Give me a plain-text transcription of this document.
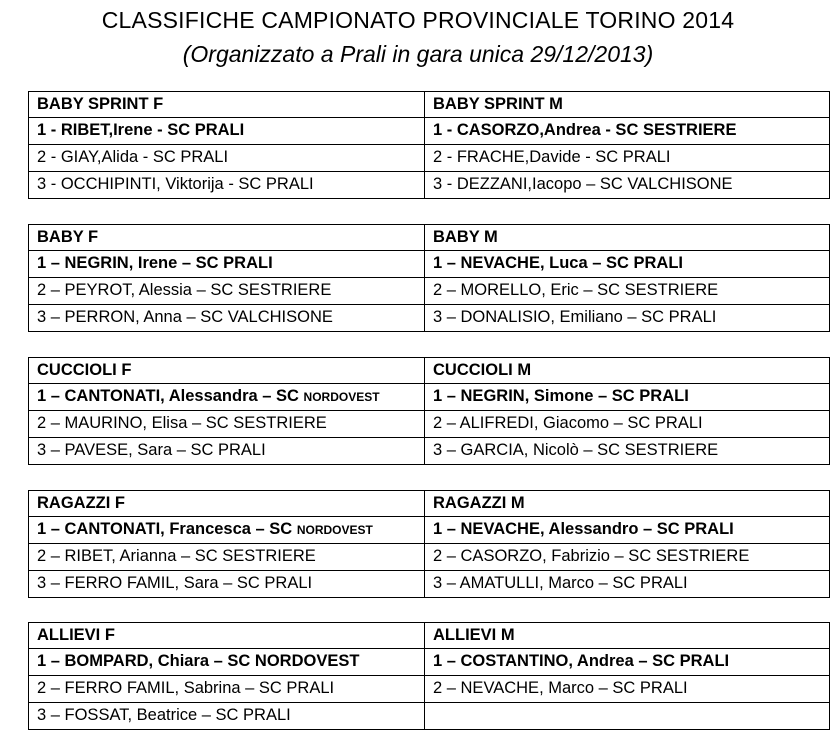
CLASSIFICHE CAMPIONATO PROVINCIALE TORINO 2014
(Organizzato a Prali in gara unica 29/12/2013)
BABY SPRINT F	BABY SPRINT M
1 - RIBET,Irene - SC PRALI	1 - CASORZO,Andrea - SC SESTRIERE
2 - GIAY,Alida - SC PRALI	2 - FRACHE,Davide - SC PRALI
3 - OCCHIPINTI, Viktorija - SC PRALI	3 - DEZZANI,Iacopo – SC VALCHISONE
BABY F	BABY M
1 – NEGRIN, Irene – SC PRALI	1 – NEVACHE, Luca – SC PRALI
2 – PEYROT, Alessia – SC SESTRIERE	2 – MORELLO, Eric – SC SESTRIERE
3 – PERRON, Anna – SC VALCHISONE	3 – DONALISIO, Emiliano – SC PRALI
CUCCIOLI F	CUCCIOLI M
1 – CANTONATI, Alessandra – SC NORDOVEST	1 – NEGRIN, Simone – SC PRALI
2 – MAURINO, Elisa – SC SESTRIERE	2 – ALIFREDI, Giacomo – SC PRALI
3 – PAVESE, Sara – SC PRALI	3 – GARCIA, Nicolò – SC SESTRIERE
RAGAZZI F	RAGAZZI M
1 – CANTONATI, Francesca – SC NORDOVEST	1 – NEVACHE, Alessandro – SC PRALI
2 – RIBET, Arianna – SC SESTRIERE	2 – CASORZO, Fabrizio – SC SESTRIERE
3 – FERRO FAMIL, Sara – SC PRALI	3 – AMATULLI, Marco – SC PRALI
ALLIEVI F	ALLIEVI M
1 – BOMPARD, Chiara – SC NORDOVEST	1 – COSTANTINO, Andrea – SC PRALI
2 – FERRO FAMIL, Sabrina – SC PRALI	2 – NEVACHE, Marco – SC PRALI
3 – FOSSAT, Beatrice – SC PRALI	
